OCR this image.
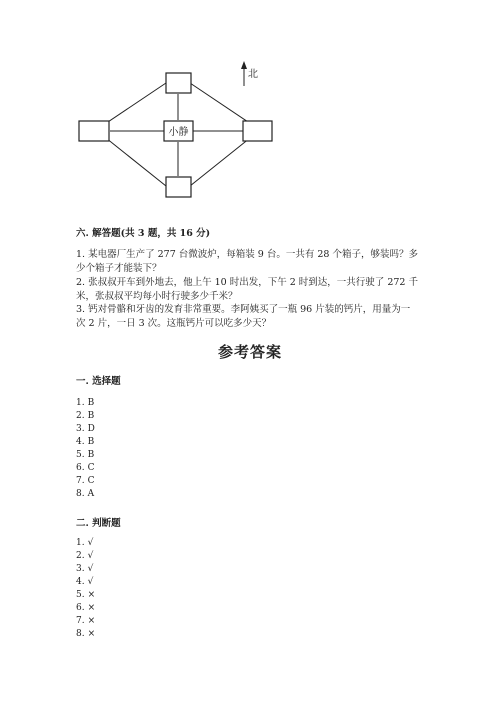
小静
北
六. 解答题(共 3 题，共 16 分)
1. 某电器厂生产了 277 台微波炉，每箱装 9 台。一共有 28 个箱子，够装吗？多
少个箱子才能装下？
2. 张叔叔开车到外地去，他上午 10 时出发，下午 2 时到达，一共行驶了 272 千
米，张叔叔平均每小时行驶多少千米？
3. 钙对骨骼和牙齿的发育非常重要。李阿姨买了一瓶 96 片装的钙片，用量为一
次 2 片，一日 3 次。这瓶钙片可以吃多少天？
参考答案
一. 选择题
1. B
2. B
3. D
4. B
5. B
6. C
7. C
8. A
二. 判断题
1. √
2. √
3. √
4. √
5. ×
6. ×
7. ×
8. ×
